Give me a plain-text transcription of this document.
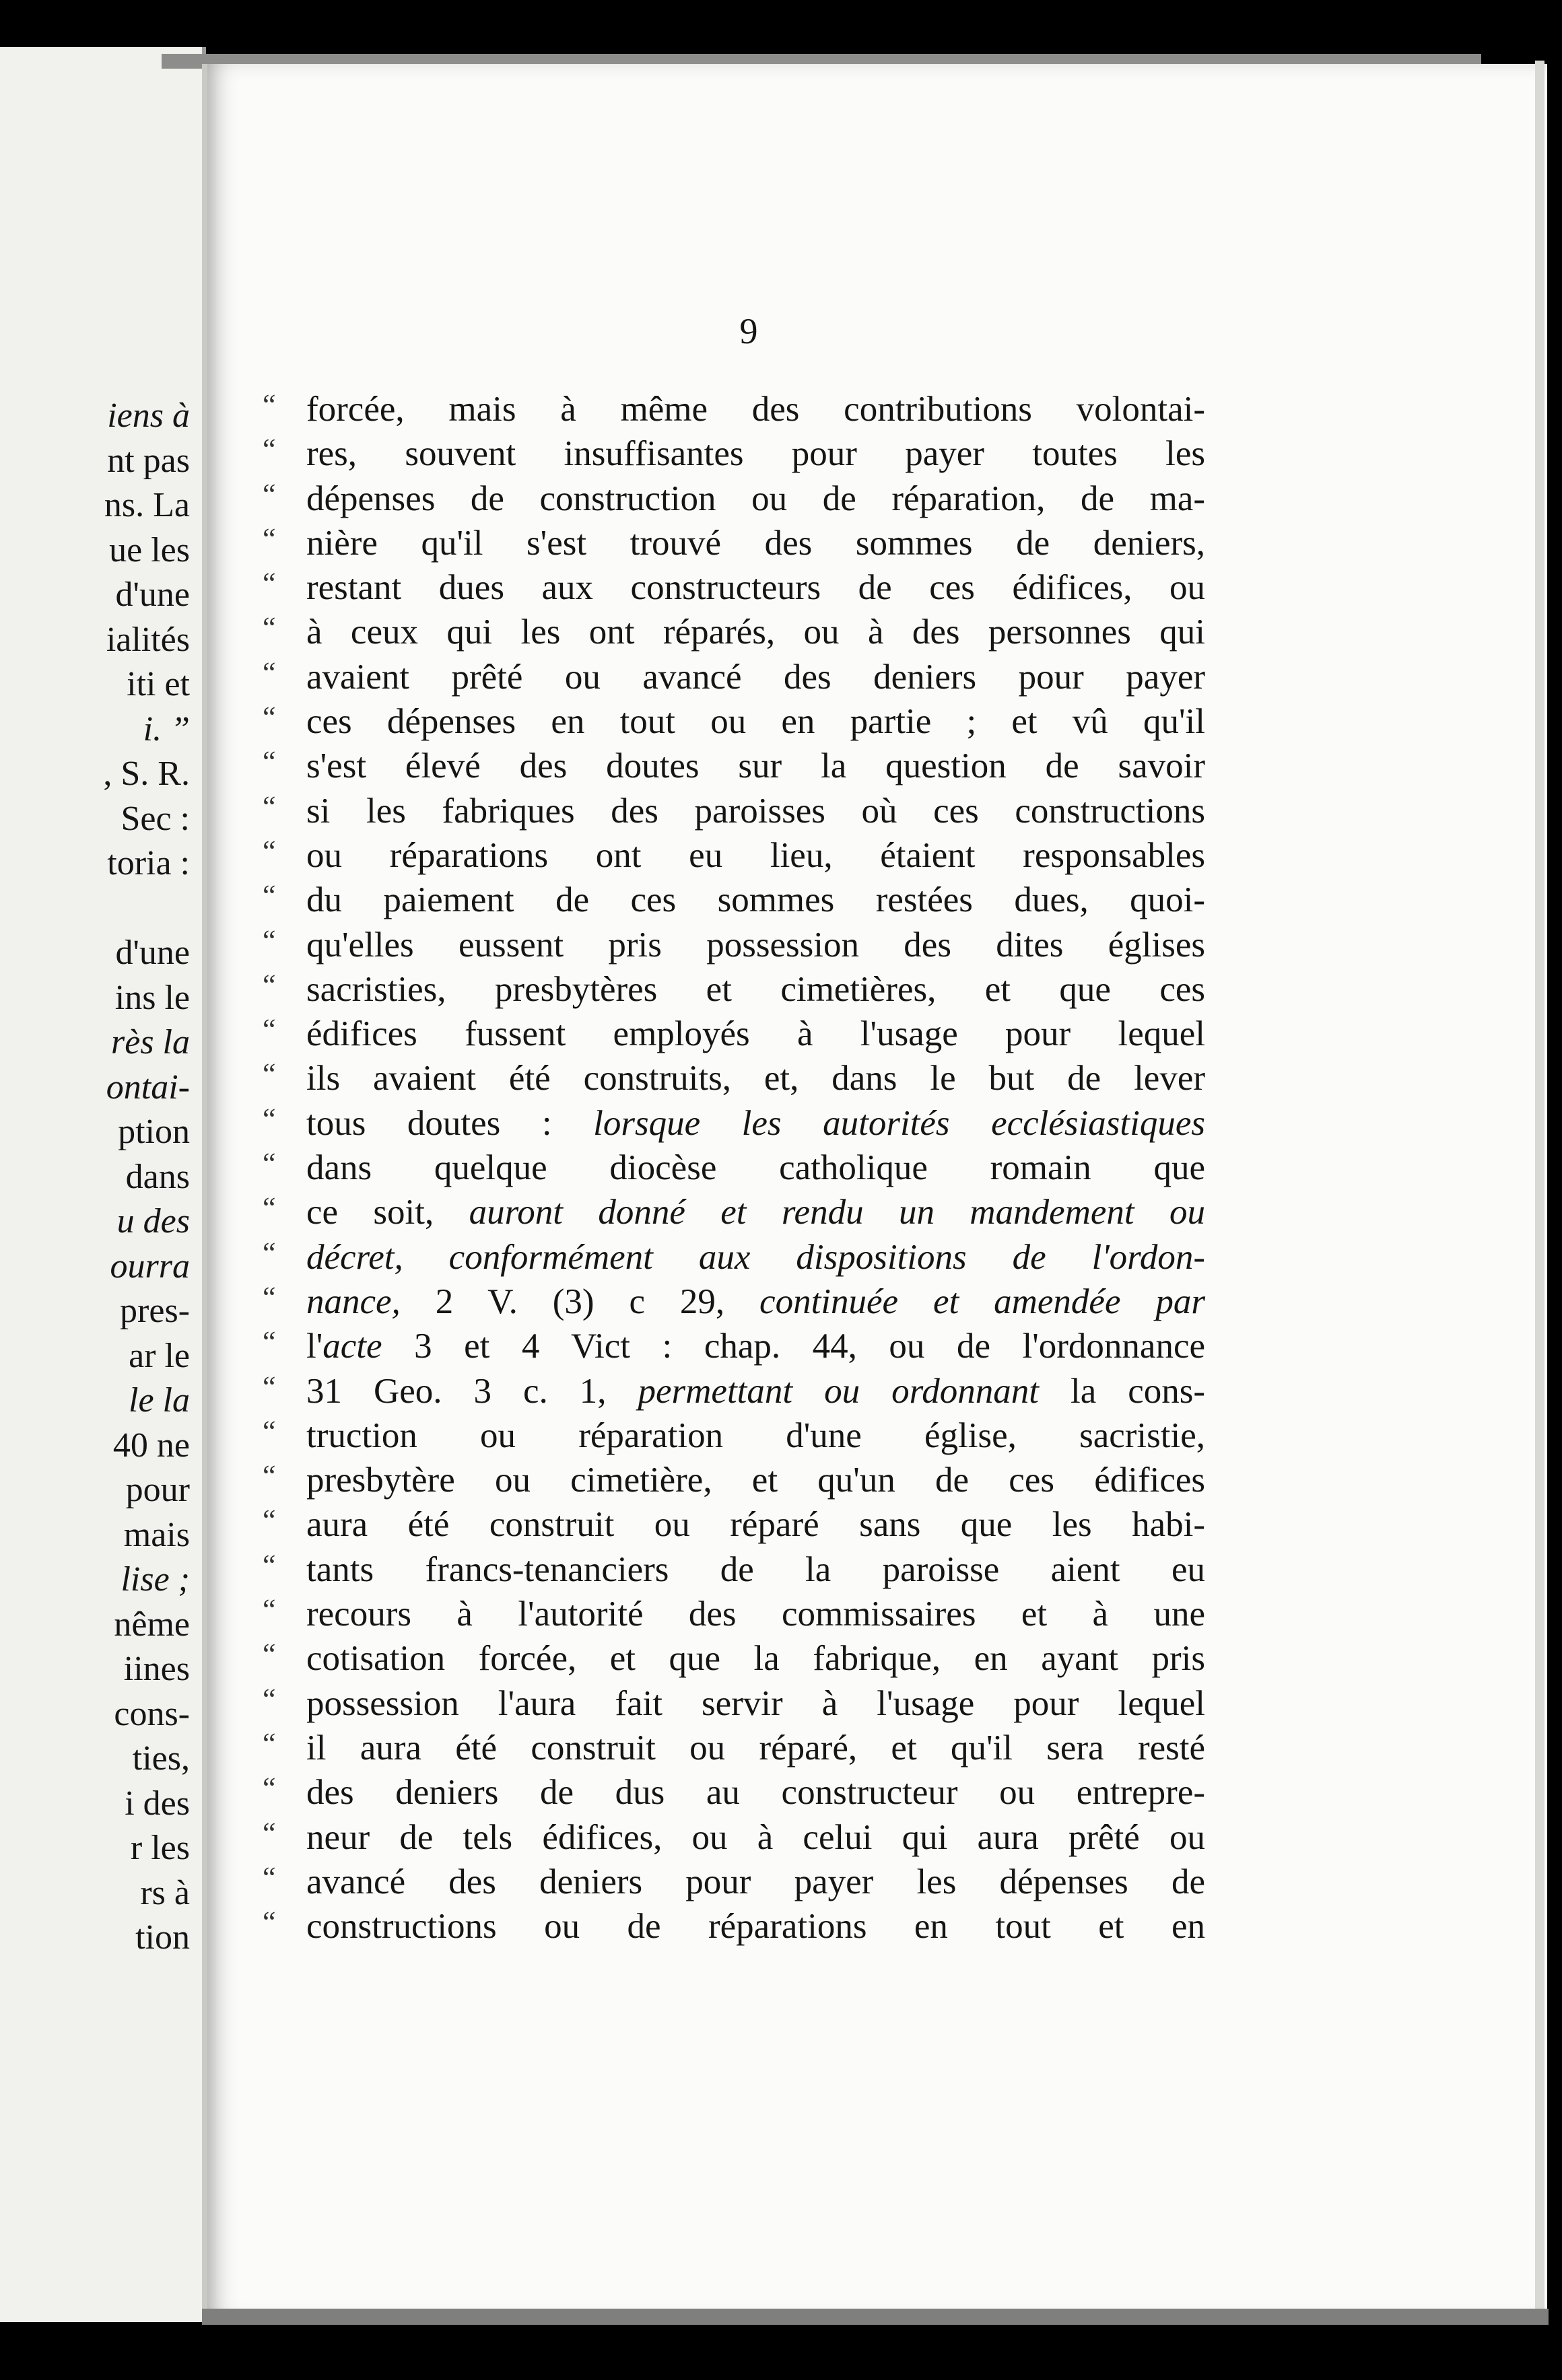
iens à
nt pas
ns. La
ue les
d'une
ialités
iti et
i. ”
, S. R.
Sec :
toria :
d'une
ins le
rès la
ontai-
ption
dans
u des
ourra
pres-
ar le
le la
40 ne
pour
mais
lise ;
nême
iines
cons-
ties,
i des
r les
rs à
tion
9
“ forcée, mais à même des contributions volontai-
“ res, souvent insuffisantes pour payer toutes les
“ dépenses de construction ou de réparation, de ma-
“ nière qu'il s'est trouvé des sommes de deniers,
“ restant dues aux constructeurs de ces édifices, ou
“ à ceux qui les ont réparés, ou à des personnes qui
“ avaient prêté ou avancé des deniers pour payer
“ ces dépenses en tout ou en partie ; et vû qu'il
“ s'est élevé des doutes sur la question de savoir
“ si les fabriques des paroisses où ces constructions
“ ou réparations ont eu lieu, étaient responsables
“ du paiement de ces sommes restées dues, quoi-
“ qu'elles eussent pris possession des dites églises
“ sacristies, presbytères et cimetières, et que ces
“ édifices fussent employés à l'usage pour lequel
“ ils avaient été construits, et, dans le but de lever
“ tous doutes : lorsque les autorités ecclésiastiques
“ dans quelque diocèse catholique romain que
“ ce soit, auront donné et rendu un mandement ou
“ décret, conformément aux dispositions de l'ordon-
“ nance, 2 V. (3) c 29, continuée et amendée par
“ l'acte 3 et 4 Vict : chap. 44, ou de l'ordonnance
“ 31 Geo. 3 c. 1, permettant ou ordonnant la cons-
“ truction ou réparation d'une église, sacristie,
“ presbytère ou cimetière, et qu'un de ces édifices
“ aura été construit ou réparé sans que les habi-
“ tants francs-tenanciers de la paroisse aient eu
“ recours à l'autorité des commissaires et à une
“ cotisation forcée, et que la fabrique, en ayant pris
“ possession l'aura fait servir à l'usage pour lequel
“ il aura été construit ou réparé, et qu'il sera resté
“ des deniers de dus au constructeur ou entrepre-
“ neur de tels édifices, ou à celui qui aura prêté ou
“ avancé des deniers pour payer les dépenses de
“ constructions ou de réparations en tout et en
